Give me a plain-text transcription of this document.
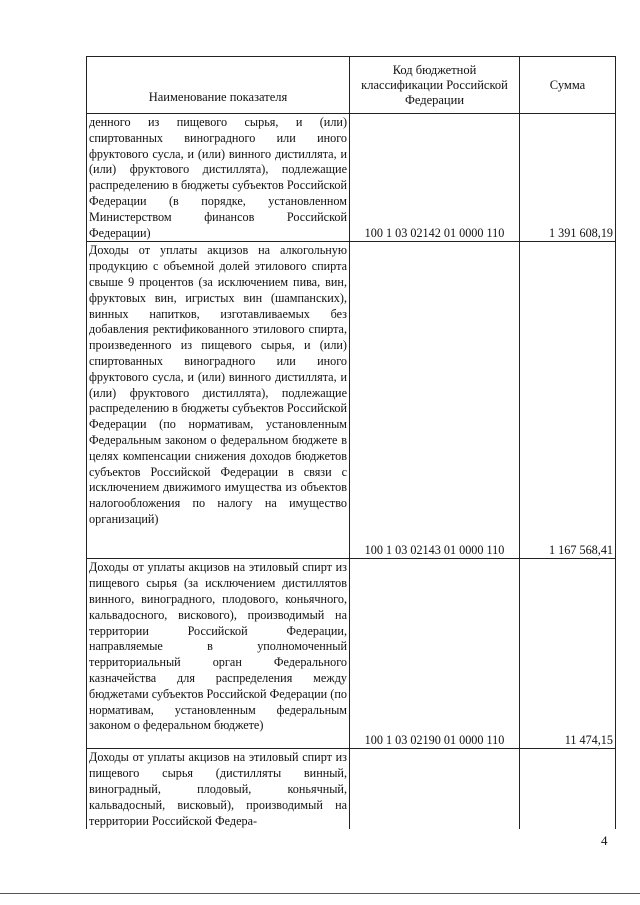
Наименование показателя	Код бюджетной классификации Российской Федерации	Сумма
денного из пищевого сырья, и (или) спиртованных виноградного или иного фруктового сусла, и (или) винного дистиллята, и (или) фруктового дистиллята), подлежащие распределению в бюджеты субъектов Российской Федерации (в порядке, установленном Министерством финансов Российской Федерации)	100 1 03 02142 01 0000 110	1 391 608,19
Доходы от уплаты акцизов на алкогольную продукцию с объемной долей этилового спирта свыше 9 процентов (за исключением пива, вин, фруктовых вин, игристых вин (шампанских), винных напитков, изготавливаемых без добавления ректификованного этилового спирта, произведенного из пищевого сырья, и (или) спиртованных виноградного или иного фруктового сусла, и (или) винного дистиллята, и (или) фруктового дистиллята), подлежащие распределению в бюджеты субъектов Российской Федерации (по нормативам, установленным Федеральным законом о федеральном бюджете в целях компенсации снижения доходов бюджетов субъектов Российской Федерации в связи с исключением движимого имущества из объектов налогообложения по налогу на имущество организаций)	100 1 03 02143 01 0000 110	1 167 568,41
Доходы от уплаты акцизов на этиловый спирт из пищевого сырья (за исключением дистиллятов винного, виноградного, плодового, коньячного, кальвадосного, вискового), производимый на территории Российской Федерации, направляемые в уполномоченный территориальный орган Федерального казначейства для распределения между бюджетами субъектов Российской Федерации (по нормативам, установленным федеральным законом о федеральном бюджете)	100 1 03 02190 01 0000 110	11 474,15
Доходы от уплаты акцизов на этиловый спирт из пищевого сырья (дистилляты винный, виноградный, плодовый, коньячный, кальвадосный, висковый), производимый на территории Российской Федера-		
4
